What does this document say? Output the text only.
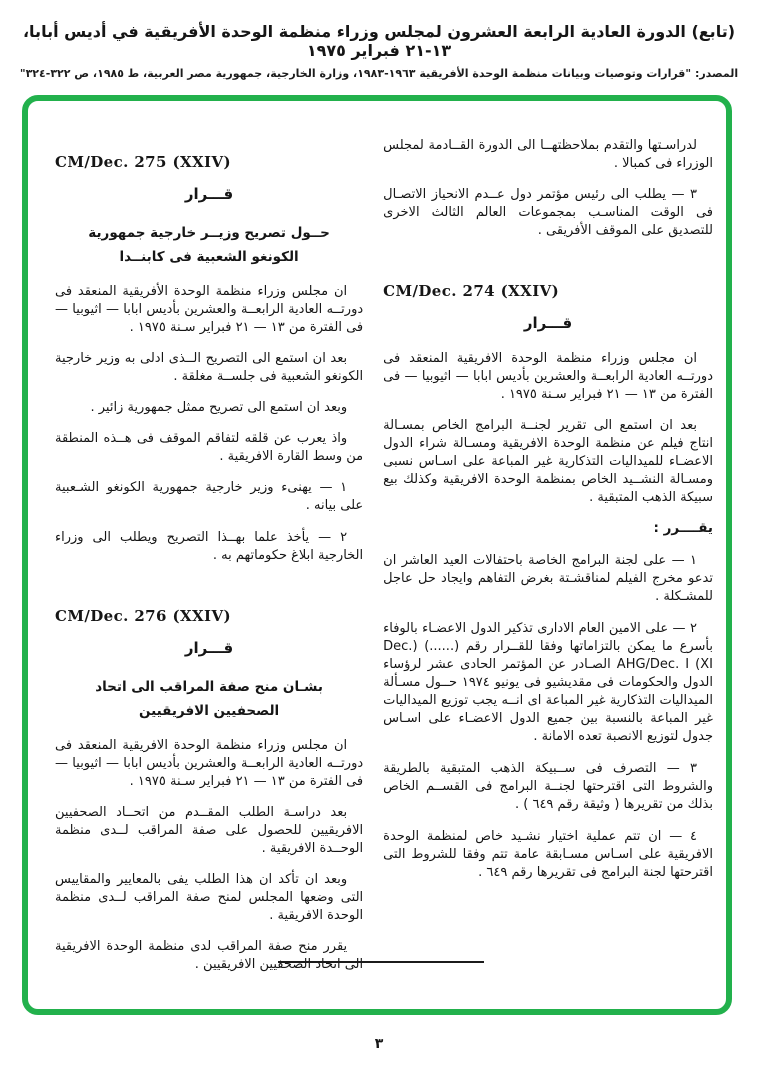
(تابع) الدورة العادية الرابعة العشرون لمجلس وزراء منظمة الوحدة الأفريقية في أديس أبابا، ١٣-٢١ فبراير ١٩٧٥
المصدر: "قرارات وتوصيات وبيانات منظمة الوحدة الأفريقية ١٩٦٣-١٩٨٣، وزارة الخارجية، جمهورية مصر العربية، ط ١٩٨٥، ص ٣٢٢-٣٢٤"

لدراسـتها والتقدم بملاحظتهــا الى الدورة القــادمة لمجلس الوزراء فى كمبالا .

٣ — يطلب الى رئيس مؤتمر دول عــدم الانحياز الاتصـال فى الوقت المناسـب بمجموعات العالم الثالث الاخرى للتصديق على الموقف الأفريقى .

CM/Dec. 274 (XXIV)
قـــرار

ان مجلس وزراء منظمة الوحدة الافريقية المنعقد فى دورتــه العادية الرابعــة والعشرين بأديس ابابا — اثيوبيا — فى الفترة من ١٣ — ٢١ فبراير سـنة ١٩٧٥ .

بعد ان استمع الى تقرير لجنــة البرامج الخاص بمسـالة انتاج فيلم عن منظمة الوحدة الافريقية ومسـالة شراء الدول الاعضـاء للميداليات التذكارية غير المباعة على اسـاس نسبى ومسـالة النشــيد الخاص بمنظمة الوحدة الافريقية وكذلك بيع سبيكة الذهب المتبقية .

يقــــرر :

١ — على لجنة البرامج الخاصة باحتفالات العيد العاشر ان تدعو مخرج الفيلم لمناقشـتة بغرض التفاهم وايجاد حل عاجل للمشـكلة .

٢ — على الامين العام الادارى تذكير الدول الاعضـاء بالوفاء بأسرع ما يمكن بالتزاماتها وفقا للقــرار رقم (......) (Dec. AHG/Dec. I (XI الصـادر عن المؤتمر الحادى عشر لرؤساء الدول والحكومات فى مقديشيو فى يونيو ١٩٧٤ حــول مسـألة الميداليات التذكارية غير المباعة اى انــه يجب توزيع الميداليات غير المباعة بالنسبة بين جميع الدول الاعضـاء على اسـاس جدول لتوزيع الانصبة تعده الامانة .

٣ — التصرف فى ســبيكة الذهب المتبقية بالطريقة والشروط التى اقترحتها لجنــة البرامج فى القســم الخاص بذلك من تقريرها ( وثيقة رقم ٦٤٩ ) .

٤ — ان تتم عملية اختيار نشـيد خاص لمنظمة الوحدة الافريقية على اسـاس مسـابقة عامة تتم وفقا للشروط التى اقترحتها لجنة البرامج فى تقريرها رقم ٦٤٩ .

CM/Dec. 275 (XXIV)
قـــرار
حــول تصريح وزيــر خارجية جمهورية
الكونغو الشعبية فى كابنــدا

ان مجلس وزراء منظمة الوحدة الأفريقية المنعقد فى دورتــه العادية الرابعــة والعشرين بأديس ابابا — اثيوبيا — فى الفترة من ١٣ — ٢١ فبراير سـنة ١٩٧٥ .

بعد ان استمع الى التصريح الــذى ادلى به وزير خارجية الكونغو الشعبية فى جلســة مغلقة .

وبعد ان استمع الى تصريح ممثل جمهورية زائير .

واذ يعرب عن قلقه لتفاقم الموقف فى هــذه المنطقة من وسط القارة الافريقية .

١ — يهنىء وزير خارجية جمهورية الكونغو الشـعبية على بيانه .

٢ — يأخذ علما بهــذا التصريح ويطلب الى وزراء الخارجية ابلاغ حكوماتهم به .

CM/Dec. 276 (XXIV)
قـــرار
بشـان منح صفة المراقب الى اتحاد
الصحفيين الافريقيين

ان مجلس وزراء منظمة الوحدة الافريقية المنعقد فى دورتــه العادية الرابعــة والعشرين بأديس ابابا — اثيوبيا — فى الفترة من ١٣ — ٢١ فبراير سـنة ١٩٧٥ .

بعد دراسـة الطلب المقــدم من اتحــاد الصحفيين الافريقيين للحصول على صفة المراقب لــدى منظمة الوحــدة الافريقية .

وبعد ان تأكد ان هذا الطلب يفى بالمعايير والمقاييس التى وضعها المجلس لمنح صفة المراقب لــدى منظمة الوحدة الافريقية .

يقرر منح صفة المراقب لدى منظمة الوحدة الافريقية الى اتحاد الصحفيين الافريقيين .

٣
